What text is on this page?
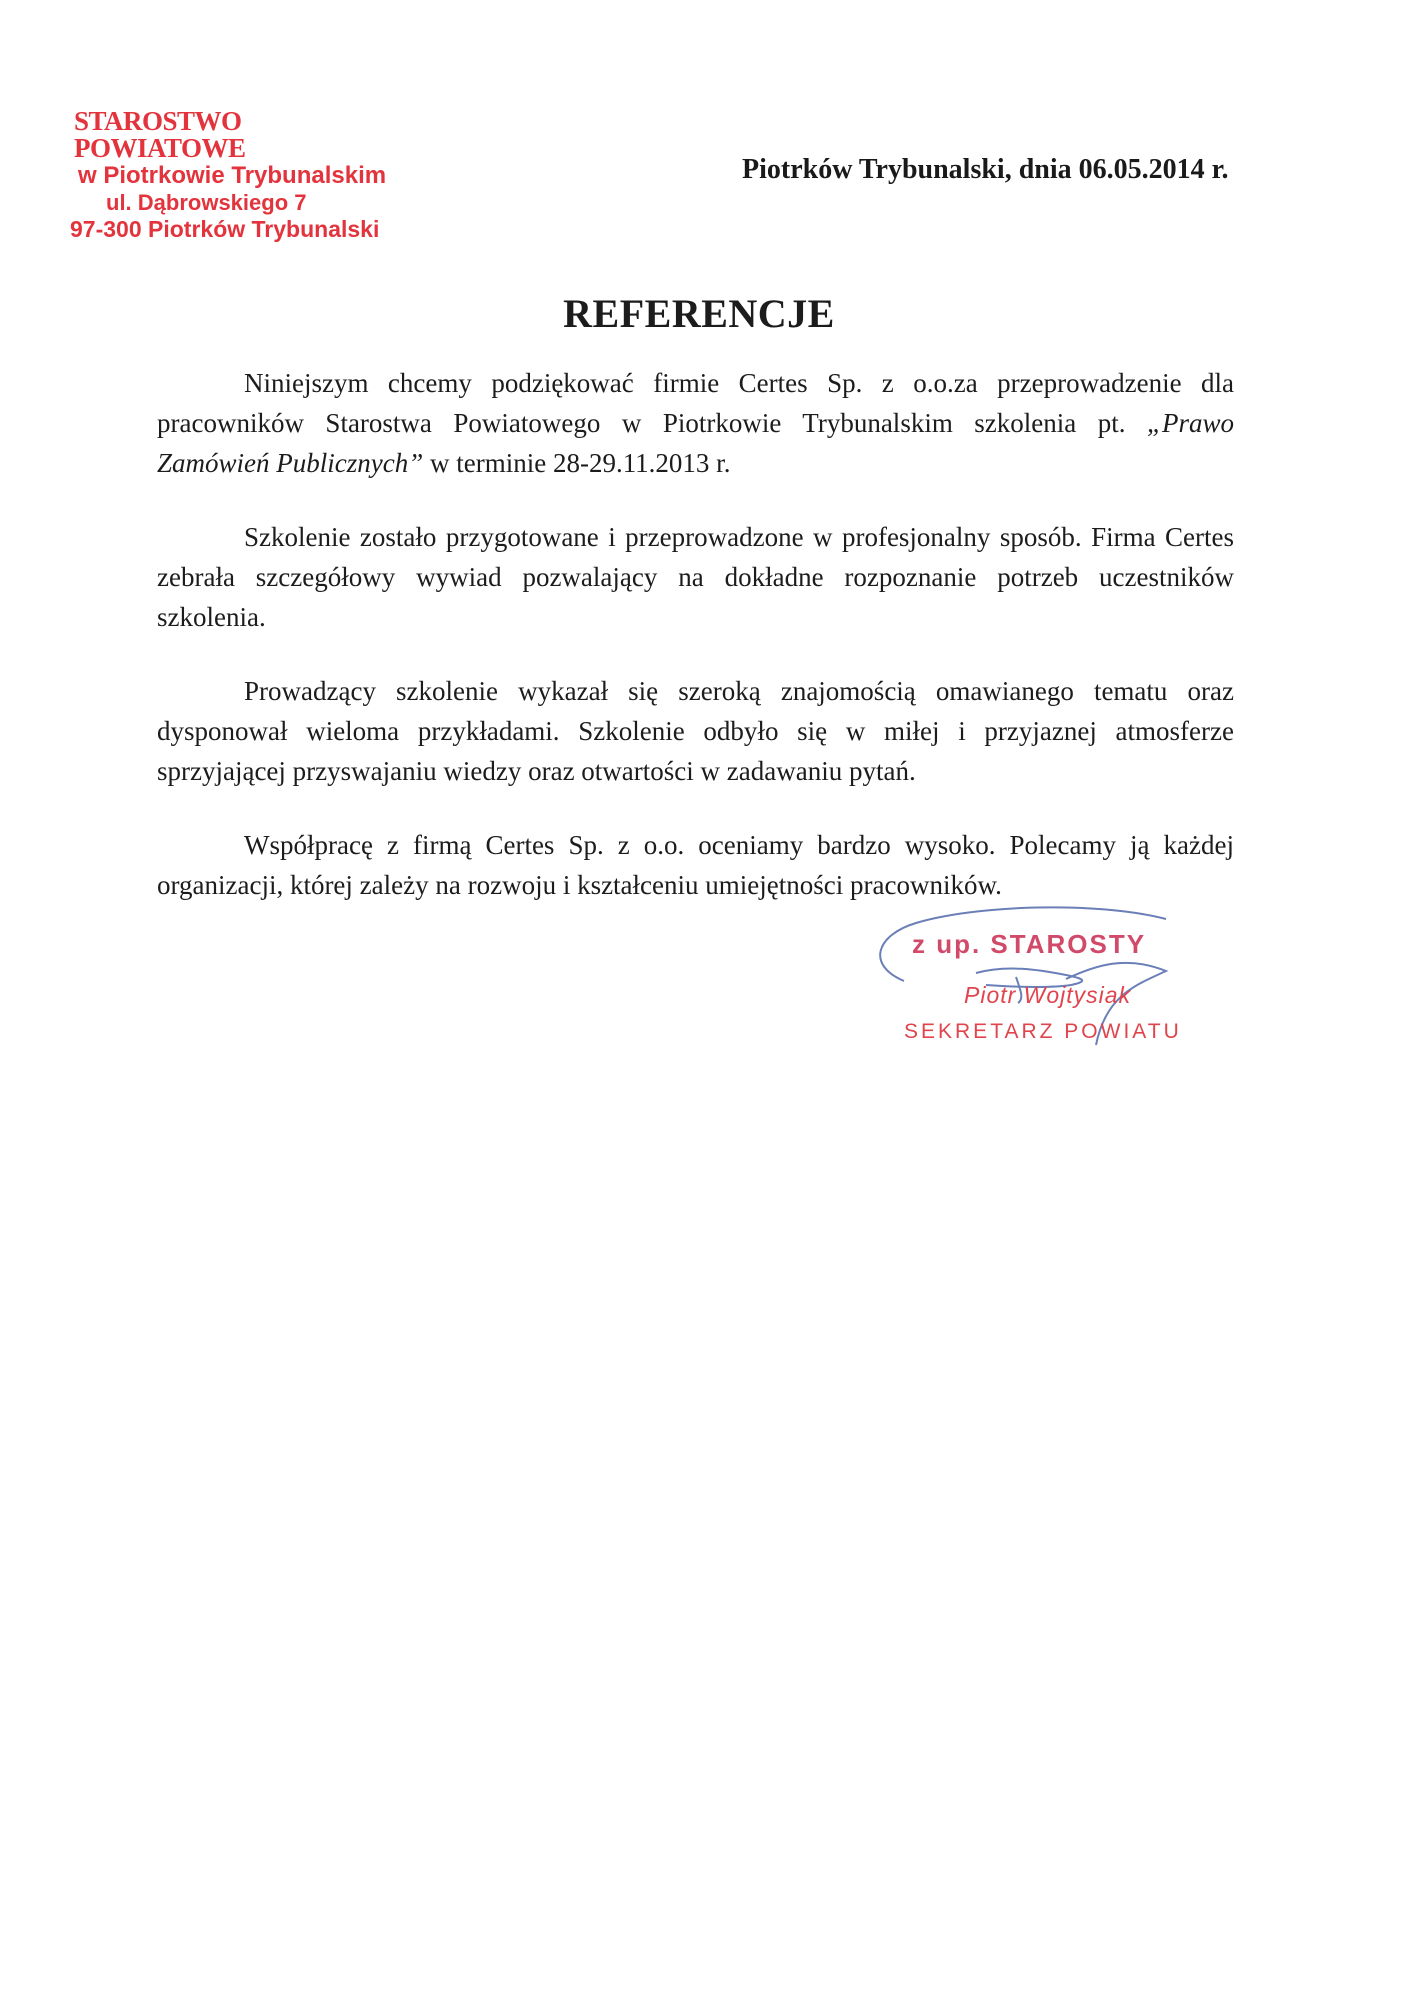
STAROSTWO POWIATOWE
w Piotrkowie Trybunalskim
ul. Dąbrowskiego 7
97-300 Piotrków Trybunalski
Piotrków Trybunalski, dnia 06.05.2014 r.
REFERENCJE

Niniejszym chcemy podziękować firmie Certes Sp. z o.o.za przeprowadzenie dla pracowników Starostwa Powiatowego w Piotrkowie Trybunalskim szkolenia pt. „Prawo Zamówień Publicznych” w terminie 28-29.11.2013 r.

Szkolenie zostało przygotowane i przeprowadzone w profesjonalny sposób. Firma Certes zebrała szczegółowy wywiad pozwalający na dokładne rozpoznanie potrzeb uczestników szkolenia.

Prowadzący szkolenie wykazał się szeroką znajomością omawianego tematu oraz dysponował wieloma przykładami. Szkolenie odbyło się w miłej i przyjaznej atmosferze sprzyjającej przyswajaniu wiedzy oraz otwartości w zadawaniu pytań.

Współpracę z firmą Certes Sp. z o.o. oceniamy bardzo wysoko. Polecamy ją każdej organizacji, której zależy na rozwoju i kształceniu umiejętności pracowników.

z up. STAROSTY
Piotr Wojtysiak
SEKRETARZ POWIATU
